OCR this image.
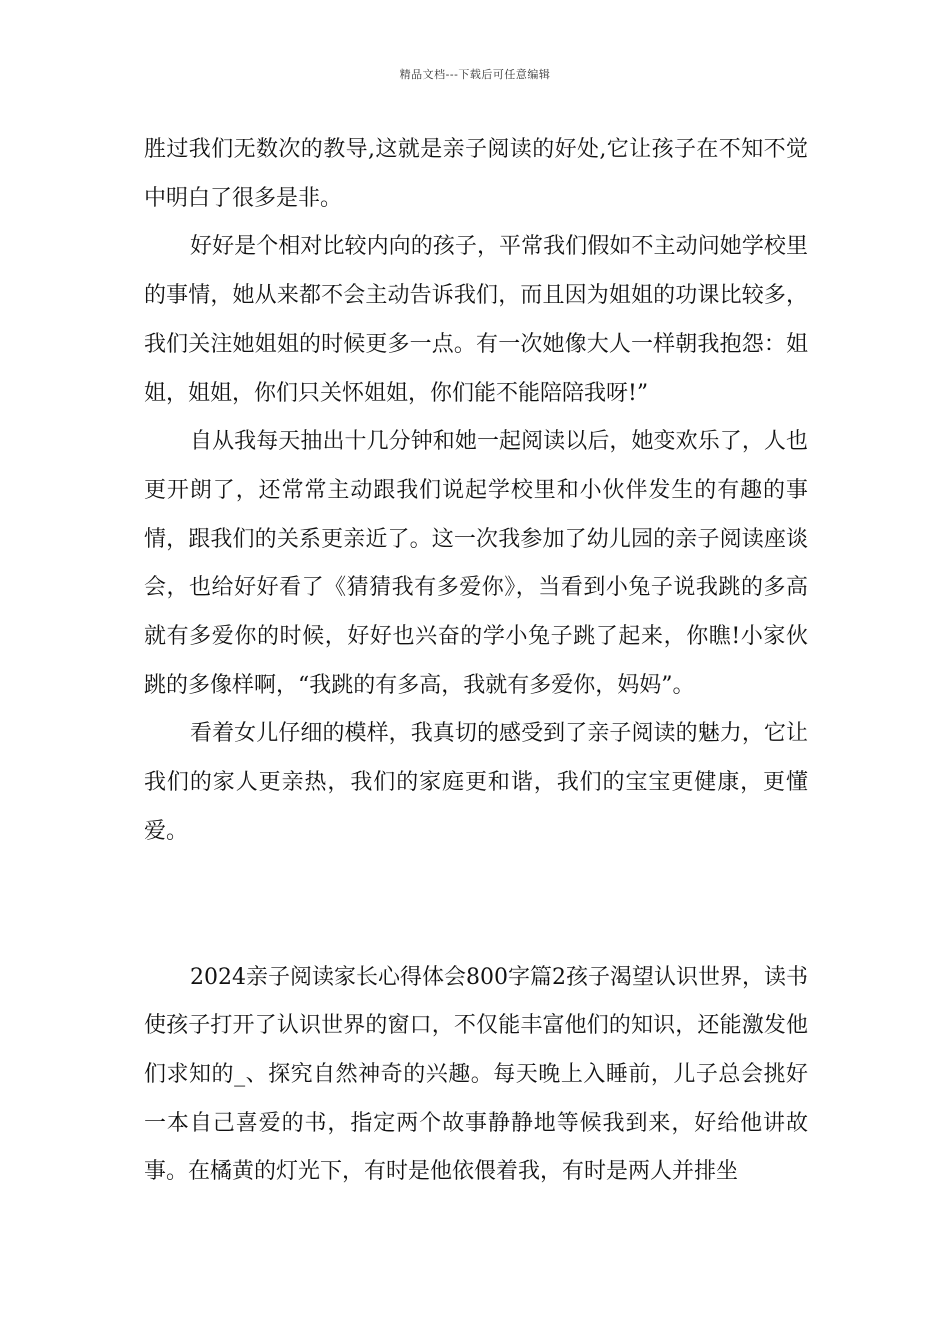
精品文档---下载后可任意编辑

胜过我们无数次的教导,这就是亲子阅读的好处,它让孩子在不知不觉中明白了很多是非。

好好是个相对比较内向的孩子，平常我们假如不主动问她学校里的事情，她从来都不会主动告诉我们，而且因为姐姐的功课比较多，我们关注她姐姐的时候更多一点。有一次她像大人一样朝我抱怨：姐姐，姐姐，你们只关怀姐姐，你们能不能陪陪我呀!”

自从我每天抽出十几分钟和她一起阅读以后，她变欢乐了，人也更开朗了，还常常主动跟我们说起学校里和小伙伴发生的有趣的事情，跟我们的关系更亲近了。这一次我参加了幼儿园的亲子阅读座谈会，也给好好看了《猜猜我有多爱你》，当看到小兔子说我跳的多高就有多爱你的时候，好好也兴奋的学小兔子跳了起来，你瞧!小家伙跳的多像样啊，“我跳的有多高，我就有多爱你，妈妈”。

看着女儿仔细的模样，我真切的感受到了亲子阅读的魅力，它让我们的家人更亲热，我们的家庭更和谐，我们的宝宝更健康，更懂爱。

2024亲子阅读家长心得体会800字篇2孩子渴望认识世界，读书使孩子打开了认识世界的窗口，不仅能丰富他们的知识，还能激发他们求知的_、探究自然神奇的兴趣。每天晚上入睡前，儿子总会挑好一本自己喜爱的书，指定两个故事静静地等候我到来，好给他讲故事。在橘黄的灯光下，有时是他依偎着我，有时是两人并排坐
